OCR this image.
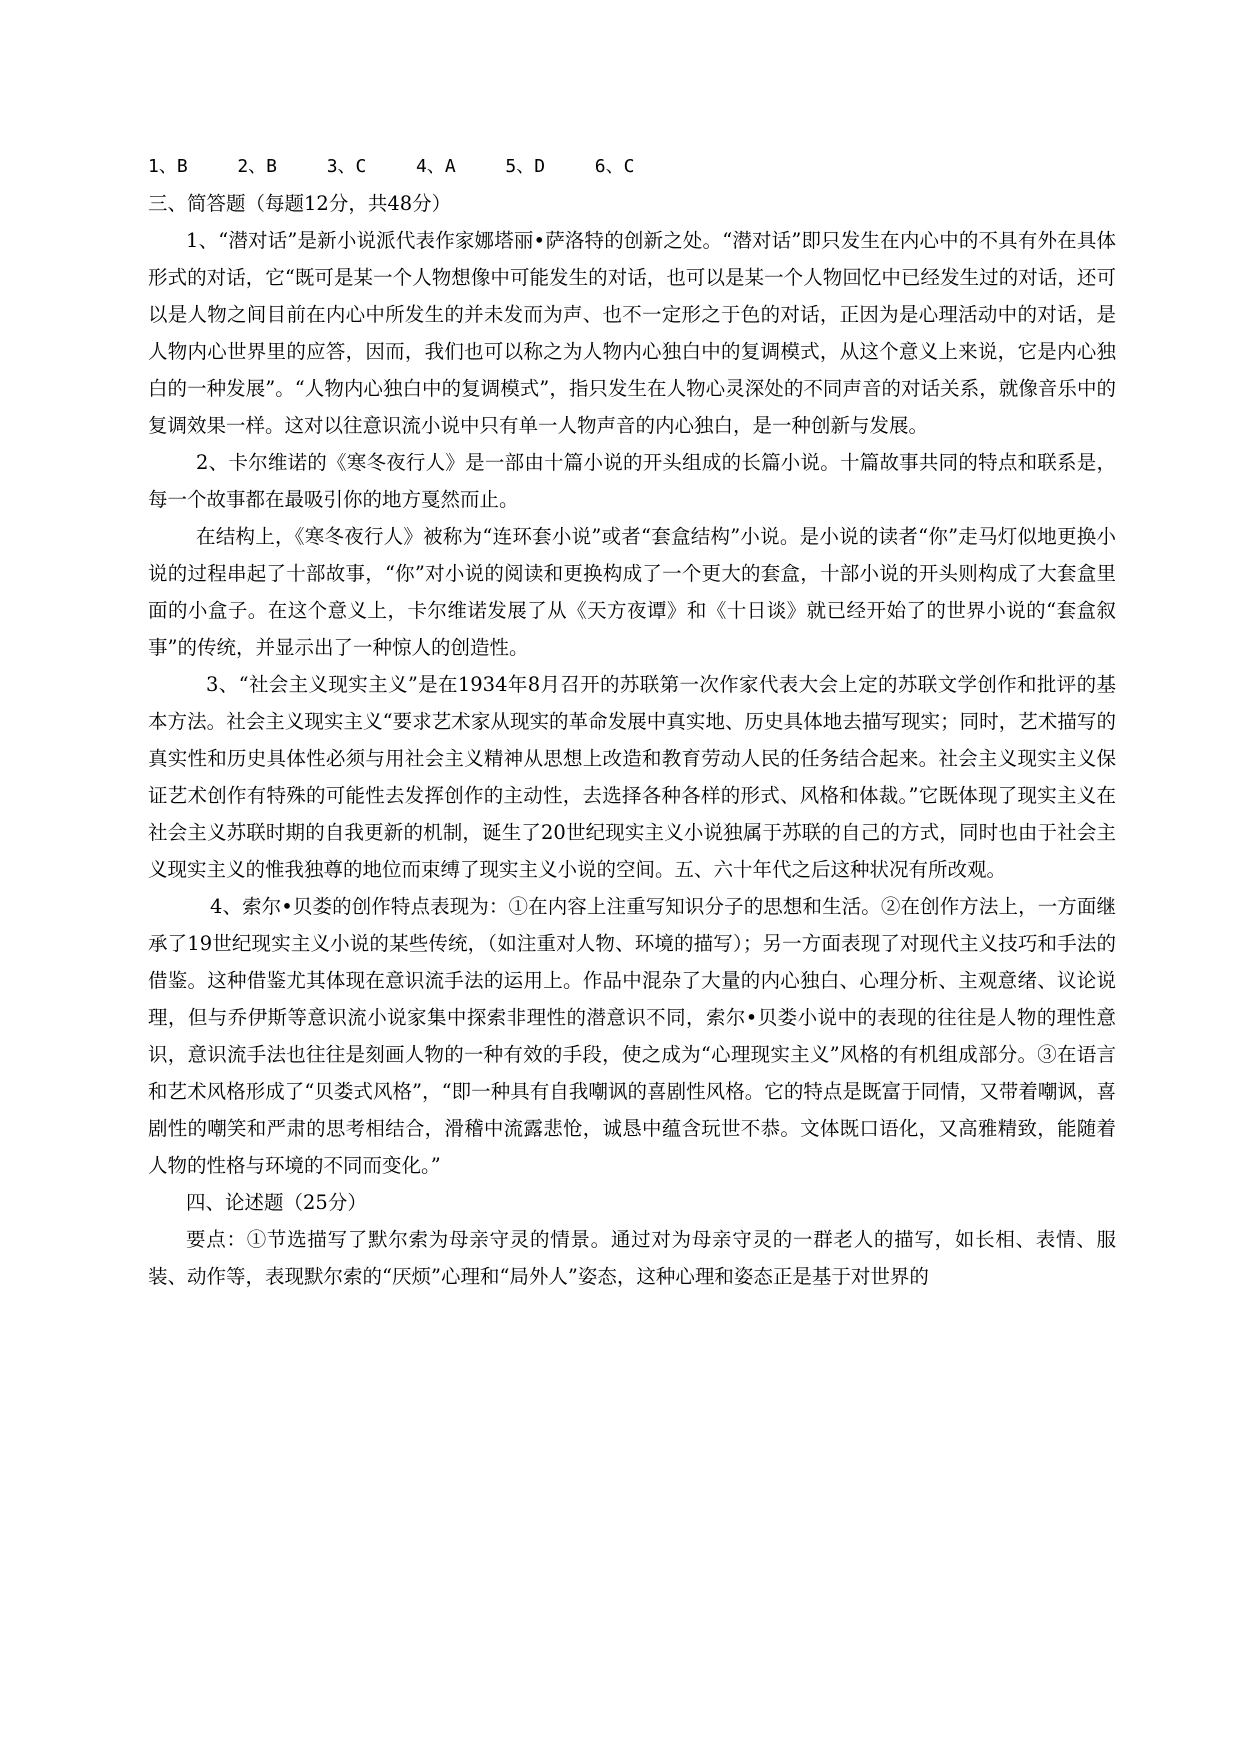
1、B  2、B  3、C  4、A  5、D  6、C

三、简答题（每题12分，共48分）

1、“潜对话”是新小说派代表作家娜塔丽•萨洛特的创新之处。“潜对话”即只发生在内心中的不具有外在具体形式的对话，它“既可是某一个人物想像中可能发生的对话，也可以是某一个人物回忆中已经发生过的对话，还可以是人物之间目前在内心中所发生的并未发而为声、也不一定形之于色的对话，正因为是心理活动中的对话，是人物内心世界里的应答，因而，我们也可以称之为人物内心独白中的复调模式，从这个意义上来说，它是内心独白的一种发展”。“人物内心独白中的复调模式”，指只发生在人物心灵深处的不同声音的对话关系，就像音乐中的复调效果一样。这对以往意识流小说中只有单一人物声音的内心独白，是一种创新与发展。

2、卡尔维诺的《寒冬夜行人》是一部由十篇小说的开头组成的长篇小说。十篇故事共同的特点和联系是，每一个故事都在最吸引你的地方戛然而止。

在结构上，《寒冬夜行人》被称为“连环套小说”或者“套盒结构”小说。是小说的读者“你”走马灯似地更换小说的过程串起了十部故事，“你”对小说的阅读和更换构成了一个更大的套盒，十部小说的开头则构成了大套盒里面的小盒子。在这个意义上，卡尔维诺发展了从《天方夜谭》和《十日谈》就已经开始了的世界小说的“套盒叙事”的传统，并显示出了一种惊人的创造性。

3、“社会主义现实主义”是在1934年8月召开的苏联第一次作家代表大会上定的苏联文学创作和批评的基本方法。社会主义现实主义“要求艺术家从现实的革命发展中真实地、历史具体地去描写现实；同时，艺术描写的真实性和历史具体性必须与用社会主义精神从思想上改造和教育劳动人民的任务结合起来。社会主义现实主义保证艺术创作有特殊的可能性去发挥创作的主动性，去选择各种各样的形式、风格和体裁。”它既体现了现实主义在社会主义苏联时期的自我更新的机制，诞生了20世纪现实主义小说独属于苏联的自己的方式，同时也由于社会主义现实主义的惟我独尊的地位而束缚了现实主义小说的空间。五、六十年代之后这种状况有所改观。

4、索尔•贝娄的创作特点表现为：①在内容上注重写知识分子的思想和生活。②在创作方法上，一方面继承了19世纪现实主义小说的某些传统，（如注重对人物、环境的描写）；另一方面表现了对现代主义技巧和手法的借鉴。这种借鉴尤其体现在意识流手法的运用上。作品中混杂了大量的内心独白、心理分析、主观意绪、议论说理，但与乔伊斯等意识流小说家集中探索非理性的潜意识不同，索尔•贝娄小说中的表现的往往是人物的理性意识，意识流手法也往往是刻画人物的一种有效的手段，使之成为“心理现实主义”风格的有机组成部分。③在语言和艺术风格形成了“贝娄式风格”，“即一种具有自我嘲讽的喜剧性风格。它的特点是既富于同情，又带着嘲讽，喜剧性的嘲笑和严肃的思考相结合，滑稽中流露悲怆，诚恳中蕴含玩世不恭。文体既口语化，又高雅精致，能随着人物的性格与环境的不同而变化。”

四、论述题（25分）

要点：①节选描写了默尔索为母亲守灵的情景。通过对为母亲守灵的一群老人的描写，如长相、表情、服装、动作等，表现默尔索的“厌烦”心理和“局外人”姿态，这种心理和姿态正是基于对世界的
